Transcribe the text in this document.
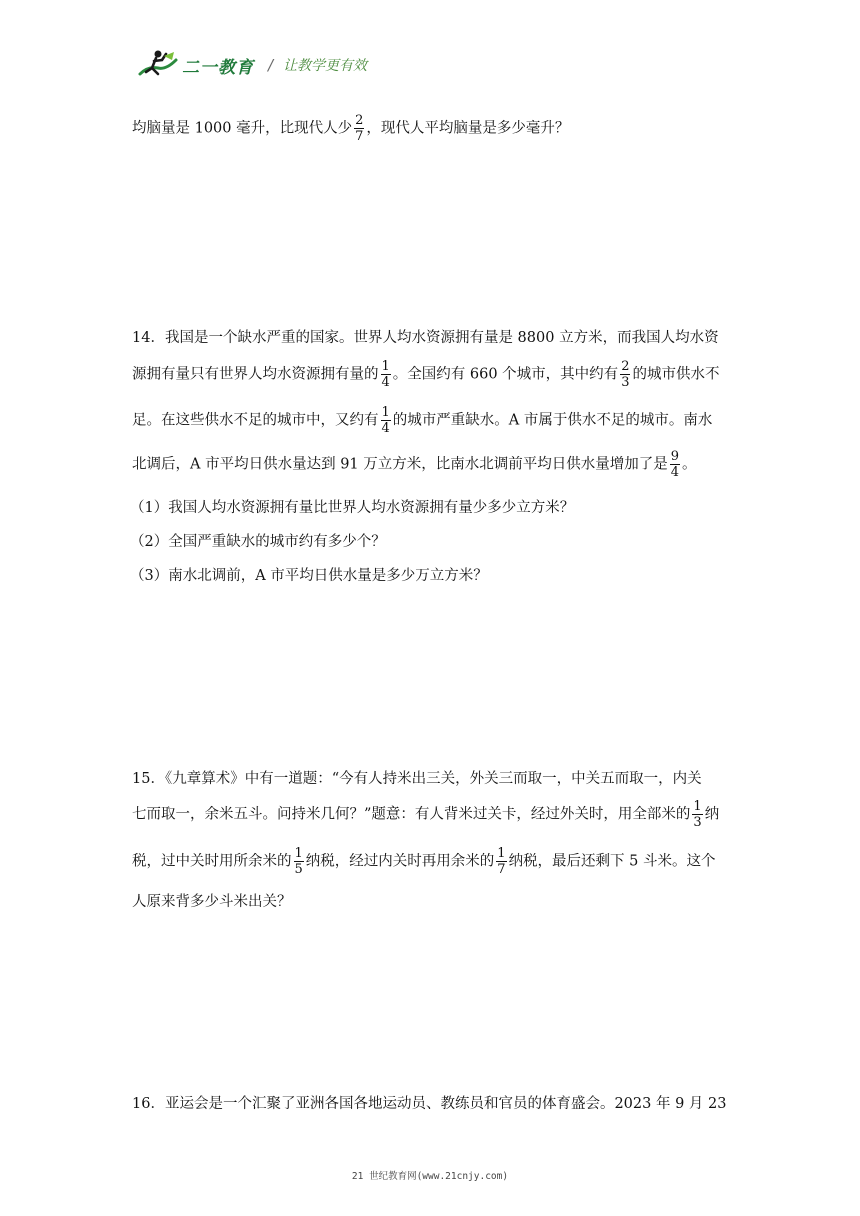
二一教育 / 让教学更有效
均脑量是 1000 毫升，比现代人少 $\frac{2}{7}$ ，现代人平均脑量是多少毫升？
14．我国是一个缺水严重的国家。世界人均水资源拥有量是 8800 立方米，而我国人均水资
源拥有量只有世界人均水资源拥有量的 $\frac{1}{4}$ 。全国约有 660 个城市，其中约有 $\frac{2}{3}$ 的城市供水不
足。在这些供水不足的城市中，又约有 $\frac{1}{4}$ 的城市严重缺水。A 市属于供水不足的城市。南水
北调后，A 市平均日供水量达到 91 万立方米，比南水北调前平均日供水量增加了是 $\frac{9}{4}$ 。
（1）我国人均水资源拥有量比世界人均水资源拥有量少多少立方米？
（2）全国严重缺水的城市约有多少个？
（3）南水北调前，A 市平均日供水量是多少万立方米？
15．《九章算术》中有一道题：“今有人持米出三关，外关三而取一，中关五而取一，内关
七而取一，余米五斗。问持米几何？”题意：有人背米过关卡，经过外关时，用全部米的 $\frac{1}{3}$ 纳
税，过中关时用所余米的 $\frac{1}{5}$ 纳税，经过内关时再用余米的 $\frac{1}{7}$ 纳税，最后还剩下 5 斗米。这个
人原来背多少斗米出关？
16．亚运会是一个汇聚了亚洲各国各地运动员、教练员和官员的体育盛会。2023 年 9 月 23
21 世纪教育网(www.21cnjy.com)
